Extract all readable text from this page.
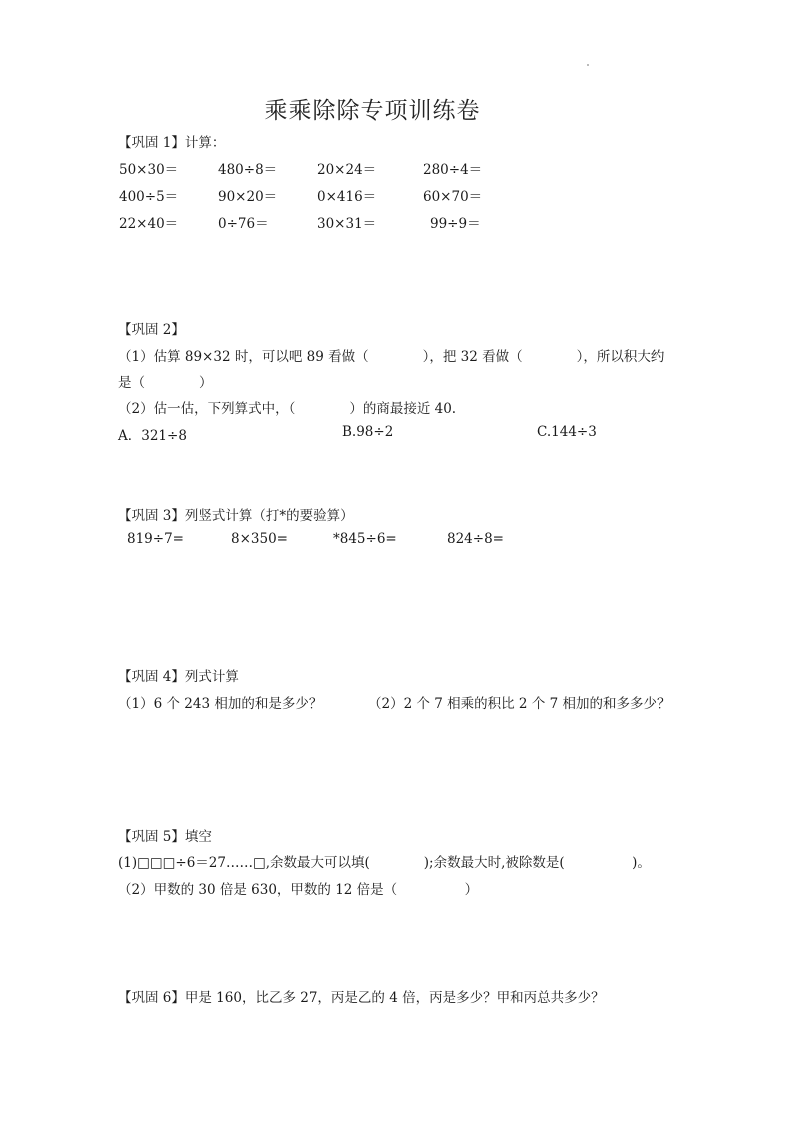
乘乘除除专项训练卷
【巩固 1】计算：
50×30＝	480÷8＝	20×24＝	280÷4＝
400÷5＝	90×20＝	0×416＝	60×70＝
22×40＝	0÷76＝	30×31＝	99÷9＝
【巩固 2】
（1）估算 89×32 时，可以吧 89 看做（　　　　），把 32 看做（　　　　），所以积大约
是（　　　　）
（2）估一估，下列算式中，（　　　　）的商最接近 40.
A．321÷8	B.98÷2	C.144÷3
【巩固 3】列竖式计算（打*的要验算）
819÷7=	8×350=	*845÷6=	824÷8=
【巩固 4】列式计算
（1）6 个 243 相加的和是多少？	（2）2 个 7 相乘的积比 2 个 7 相加的和多多少？
【巩固 5】填空
(1)□□□÷6＝27……□,余数最大可以填(　　　　);余数最大时,被除数是(　　　　　)。
（2）甲数的 30 倍是 630，甲数的 12 倍是（　　　　　）
【巩固 6】甲是 160，比乙多 27，丙是乙的 4 倍，丙是多少？甲和丙总共多少？
